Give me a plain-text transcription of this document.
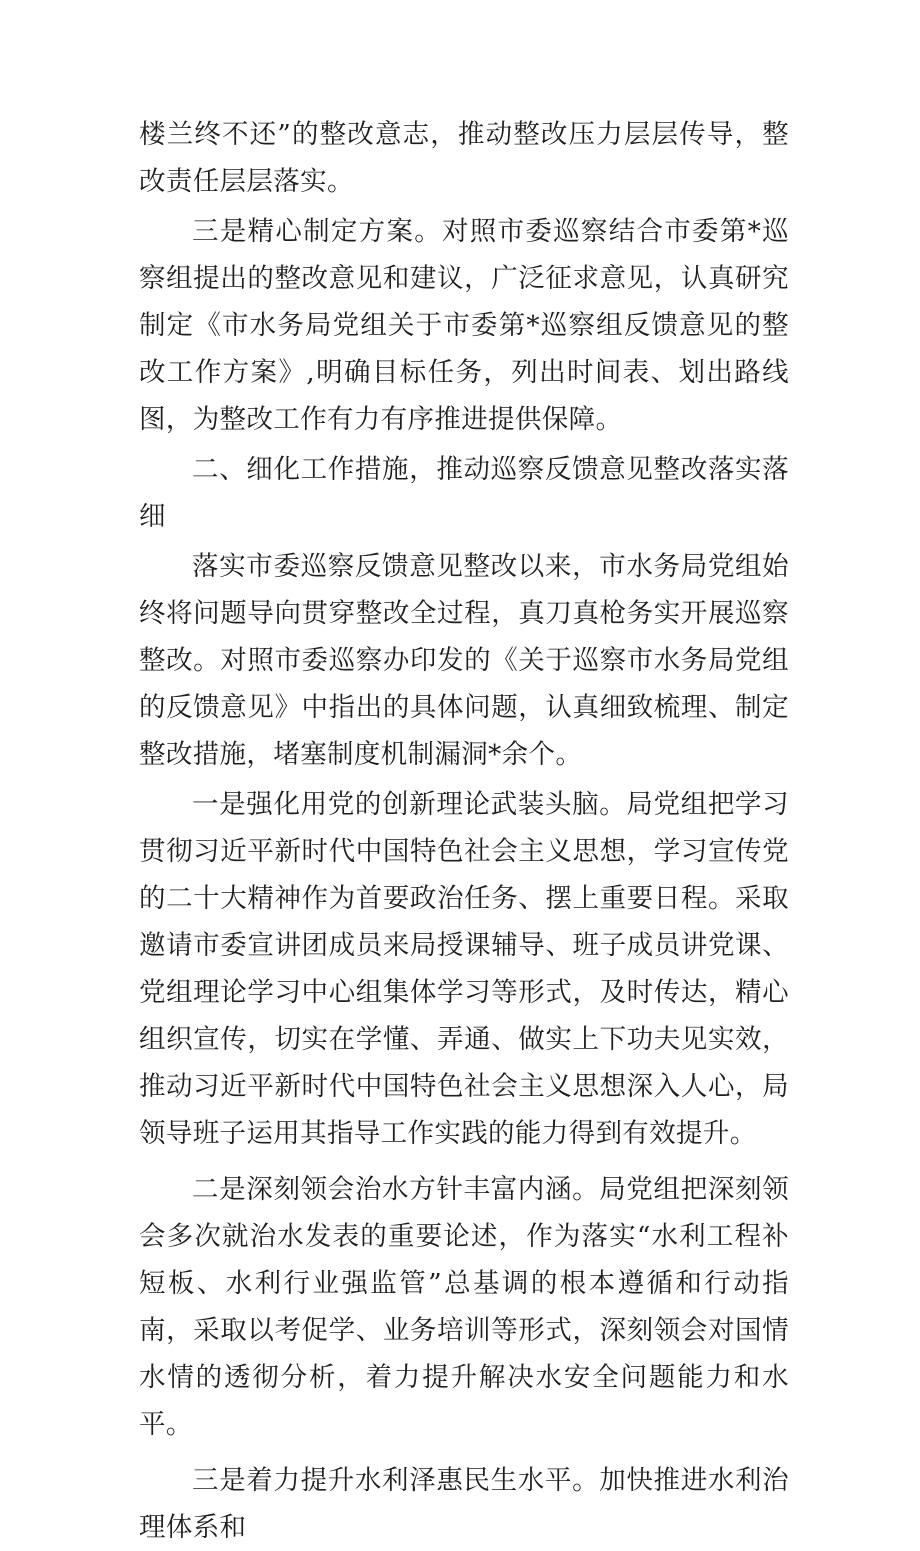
楼兰终不还”的整改意志，推动整改压力层层传导，整改责任层层落实。

三是精心制定方案。对照市委巡察结合市委第*巡察组提出的整改意见和建议，广泛征求意见，认真研究制定《市水务局党组关于市委第*巡察组反馈意见的整改工作方案》,明确目标任务，列出时间表、划出路线图，为整改工作有力有序推进提供保障。

二、细化工作措施，推动巡察反馈意见整改落实落细

落实市委巡察反馈意见整改以来，市水务局党组始终将问题导向贯穿整改全过程，真刀真枪务实开展巡察整改。对照市委巡察办印发的《关于巡察市水务局党组的反馈意见》中指出的具体问题，认真细致梳理、制定整改措施，堵塞制度机制漏洞*余个。

一是强化用党的创新理论武装头脑。局党组把学习贯彻习近平新时代中国特色社会主义思想，学习宣传党的二十大精神作为首要政治任务、摆上重要日程。采取邀请市委宣讲团成员来局授课辅导、班子成员讲党课、党组理论学习中心组集体学习等形式，及时传达，精心组织宣传，切实在学懂、弄通、做实上下功夫见实效，推动习近平新时代中国特色社会主义思想深入人心，局领导班子运用其指导工作实践的能力得到有效提升。

二是深刻领会治水方针丰富内涵。局党组把深刻领会多次就治水发表的重要论述，作为落实“水利工程补短板、水利行业强监管”总基调的根本遵循和行动指南，采取以考促学、业务培训等形式，深刻领会对国情水情的透彻分析，着力提升解决水安全问题能力和水平。

三是着力提升水利泽惠民生水平。加快推进水利治理体系和
